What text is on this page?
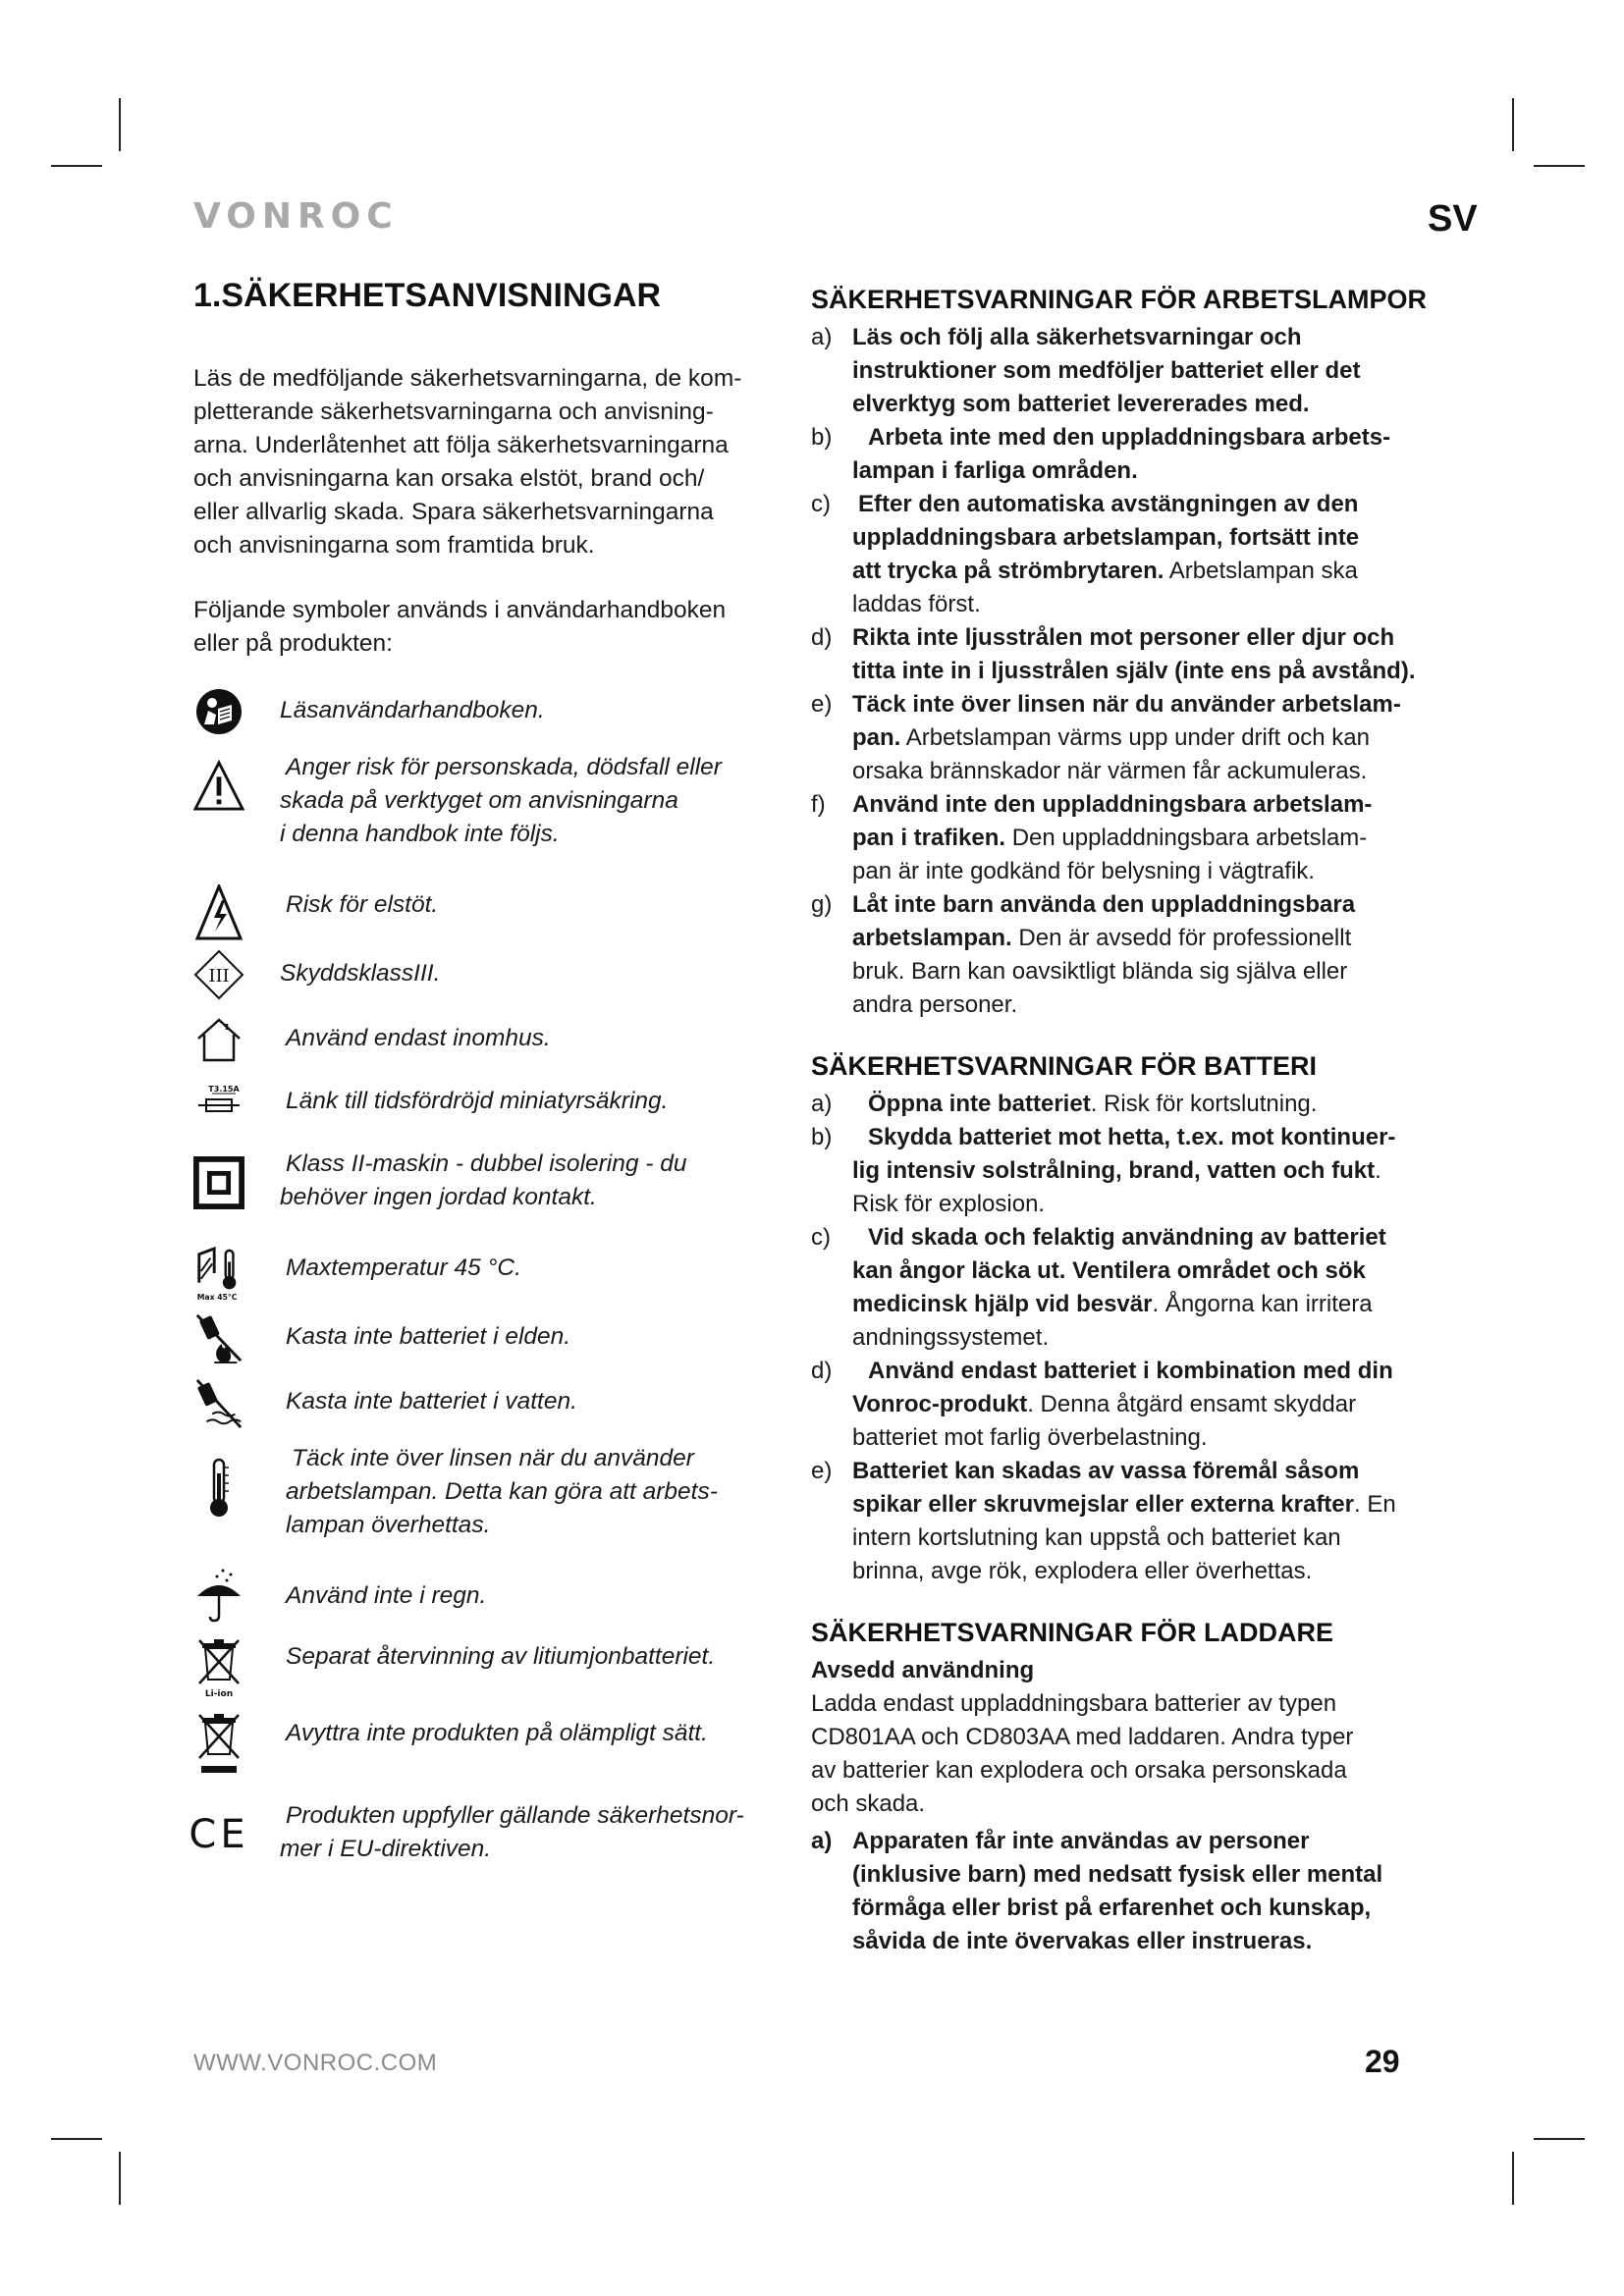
VONROC	SV
1.SÄKERHETSANVISNINGAR
Läs de medföljande säkerhetsvarningarna, de kom-
pletterande säkerhetsvarningarna och anvisning-
arna. Underlåtenhet att följa säkerhetsvarningarna
och anvisningarna kan orsaka elstöt, brand och/
eller allvarlig skada. Spara säkerhetsvarningarna
och anvisningarna som framtida bruk.
Följande symboler används i användarhandboken
eller på produkten:
Läsanvändarhandboken.
Anger risk för personskada, dödsfall eller
skada på verktyget om anvisningarna
i denna handbok inte följs.
Risk för elstöt.
III SkyddsklassIII.
Använd endast inomhus.
T3.15A Länk till tidsfördröjd miniatyrsäkring.
Klass II-maskin - dubbel isolering - du
behöver ingen jordad kontakt.
Max 45°C
Maxtemperatur 45 °C.
Kasta inte batteriet i elden.
Kasta inte batteriet i vatten.
Täck inte över linsen när du använder
arbetslampan. Detta kan göra att arbets-
lampan överhettas.
Använd inte i regn.
Li-ion
Separat återvinning av litiumjonbatteriet.
Avyttra inte produkten på olämpligt sätt.
CE Produkten uppfyller gällande säkerhetsnor-
mer i EU-direktiven.
SÄKERHETSVARNINGAR FÖR ARBETSLAMPOR
a) Läs och följ alla säkerhetsvarningar och
instruktioner som medföljer batteriet eller det
elverktyg som batteriet levererades med.
b)	Arbeta inte med den uppladdningsbara arbets-
lampan i farliga områden.
c) Efter den automatiska avstängningen av den
uppladdningsbara arbetslampan, fortsätt inte
att trycka på strömbrytaren. Arbetslampan ska
laddas först.
d) Rikta inte ljusstrålen mot personer eller djur och
titta inte in i ljusstrålen själv (inte ens på avstånd).
e) Täck inte över linsen när du använder arbetslam-
pan. Arbetslampan värms upp under drift och kan
orsaka brännskador när värmen får ackumuleras.
f) Använd inte den uppladdningsbara arbetslam-
pan i trafiken. Den uppladdningsbara arbetslam-
pan är inte godkänd för belysning i vägtrafik.
g) Låt inte barn använda den uppladdningsbara
arbetslampan. Den är avsedd för professionellt
bruk. Barn kan oavsiktligt blända sig själva eller
andra personer.
SÄKERHETSVARNINGAR FÖR BATTERI
a)	Öppna inte batteriet. Risk för kortslutning.
b)	Skydda batteriet mot hetta, t.ex. mot kontinuer-
lig intensiv solstrålning, brand, vatten och fukt.
Risk för explosion.
c)	Vid skada och felaktig användning av batteriet
kan ångor läcka ut. Ventilera området och sök
medicinsk hjälp vid besvär. Ångorna kan irritera
andningssystemet.
d)	Använd endast batteriet i kombination med din
Vonroc-produkt. Denna åtgärd ensamt skyddar
batteriet mot farlig överbelastning.
e) Batteriet kan skadas av vassa föremål såsom
spikar eller skruvmejslar eller externa krafter. En
intern kortslutning kan uppstå och batteriet kan
brinna, avge rök, explodera eller överhettas.
SÄKERHETSVARNINGAR FÖR LADDARE
Avsedd användning
Ladda endast uppladdningsbara batterier av typen
CD801AA och CD803AA med laddaren. Andra typer
av batterier kan explodera och orsaka personskada
och skada.
a) Apparaten får inte användas av personer
(inklusive barn) med nedsatt fysisk eller mental
förmåga eller brist på erfarenhet och kunskap,
såvida de inte övervakas eller instrueras.
WWW.VONROC.COM	29
